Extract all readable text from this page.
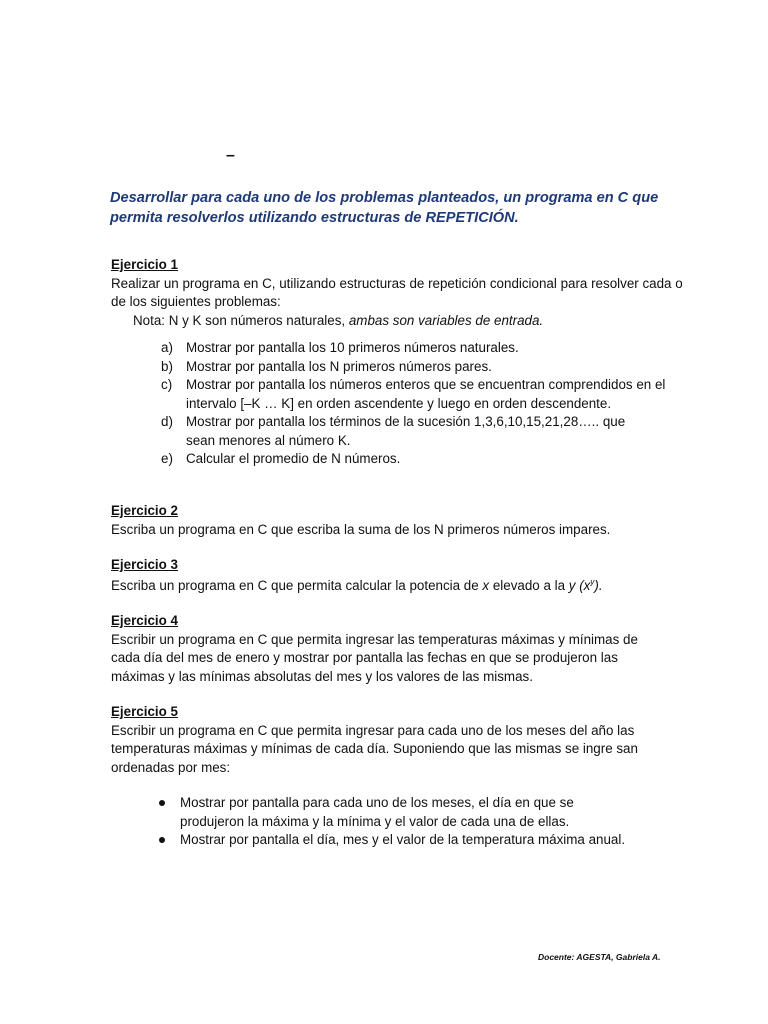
–
Desarrollar para cada uno de los problemas planteados, un programa en C que permita resolverlos utilizando estructuras de REPETICIÓN.
Ejercicio 1
Realizar un programa en C, utilizando estructuras de repetición condicional para resolver cada o de los siguientes problemas:
Nota: N y K son números naturales, ambas son variables de entrada.
a) Mostrar por pantalla los 10 primeros números naturales.
b) Mostrar por pantalla los N primeros números pares.
c) Mostrar por pantalla los números enteros que se encuentran comprendidos en el intervalo [–K … K] en orden ascendente y luego en orden descendente.
d) Mostrar por pantalla los términos de la sucesión 1,3,6,10,15,21,28….. que sean menores al número K.
e) Calcular el promedio de N números.
Ejercicio 2
Escriba un programa en C que escriba la suma de los N primeros números impares.
Ejercicio 3
Escriba un programa en C que permita calcular la potencia de x elevado a la y $(x^y)$.
Ejercicio 4
Escribir un programa en C que permita ingresar las temperaturas máximas y mínimas de cada día del mes de enero y mostrar por pantalla las fechas en que se produjeron las máximas y las mínimas absolutas del mes y los valores de las mismas.
Ejercicio 5
Escribir un programa en C que permita ingresar para cada uno de los meses del año las temperaturas máximas y mínimas de cada día. Suponiendo que las mismas se ingre san ordenadas por mes:
Mostrar por pantalla para cada uno de los meses, el día en que se produjeron la máxima y la mínima y el valor de cada una de ellas.
Mostrar por pantalla el día, mes y el valor de la temperatura máxima anual.
Docente: AGESTA, Gabriela A.
